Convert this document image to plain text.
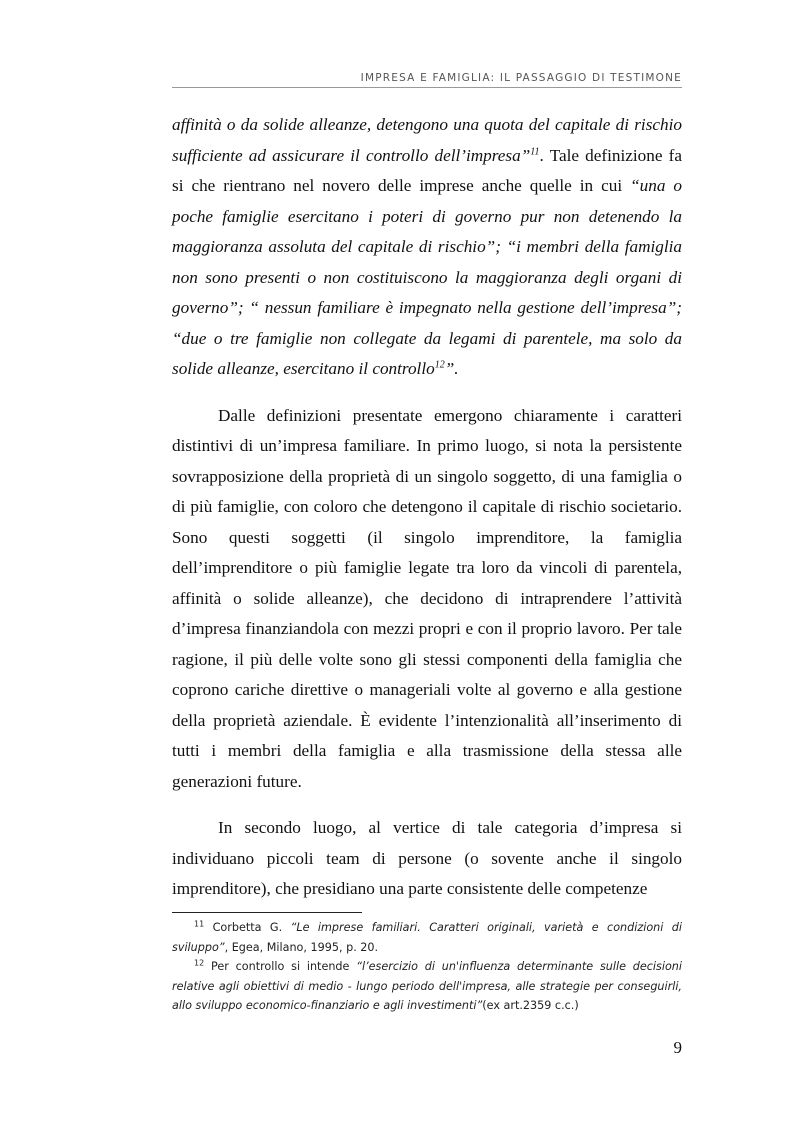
IMPRESA E FAMIGLIA: IL PASSAGGIO DI TESTIMONE

affinità o da solide alleanze, detengono una quota del capitale di rischio sufficiente ad assicurare il controllo dell’impresa”$^{11}$. Tale definizione fa si che rientrano nel novero delle imprese anche quelle in cui “una o poche famiglie esercitano i poteri di governo pur non detenendo la maggioranza assoluta del capitale di rischio”; “i membri della famiglia non sono presenti o non costituiscono la maggioranza degli organi di governo”; “ nessun familiare è impegnato nella gestione dell’impresa”; “due o tre famiglie non collegate da legami di parentele, ma solo da solide alleanze, esercitano il controllo$^{12}$”.

Dalle definizioni presentate emergono chiaramente i caratteri distintivi di un’impresa familiare. In primo luogo, si nota la persistente sovrapposizione della proprietà di un singolo soggetto, di una famiglia o di più famiglie, con coloro che detengono il capitale di rischio societario. Sono questi soggetti (il singolo imprenditore, la famiglia dell’imprenditore o più famiglie legate tra loro da vincoli di parentela, affinità o solide alleanze), che decidono di intraprendere l’attività d’impresa finanziandola con mezzi propri e con il proprio lavoro. Per tale ragione, il più delle volte sono gli stessi componenti della famiglia che coprono cariche direttive o manageriali volte al governo e alla gestione della proprietà aziendale. È evidente l’intenzionalità all’inserimento di tutti i membri della famiglia e alla trasmissione della stessa alle generazioni future.

In secondo luogo, al vertice di tale categoria d’impresa si individuano piccoli team di persone (o sovente anche il singolo imprenditore), che presidiano una parte consistente delle competenze

$^{11}$ Corbetta G. “Le imprese familiari. Caratteri originali, varietà e condizioni di sviluppo”, Egea, Milano, 1995, p. 20.

$^{12}$ Per controllo si intende “l’esercizio di un'influenza determinante sulle decisioni relative agli obiettivi di medio - lungo periodo dell'impresa, alle strategie per conseguirli, allo sviluppo economico-finanziario e agli investimenti”(ex art.2359 c.c.)

9
